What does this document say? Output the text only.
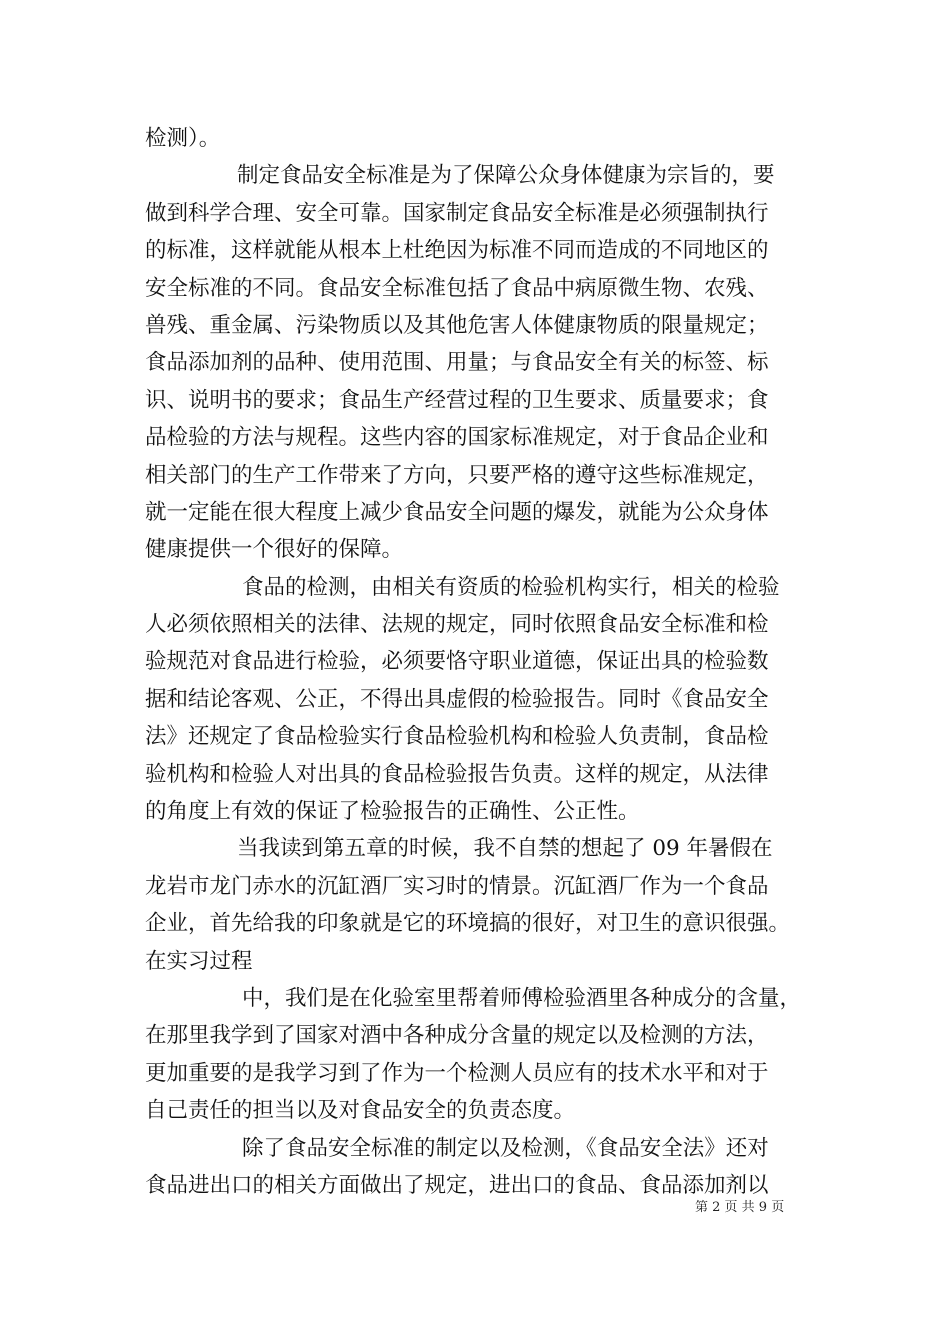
检测）。
制定食品安全标准是为了保障公众身体健康为宗旨的，要
做到科学合理、安全可靠。国家制定食品安全标准是必须强制执行
的标准，这样就能从根本上杜绝因为标准不同而造成的不同地区的
安全标准的不同。食品安全标准包括了食品中病原微生物、农残、
兽残、重金属、污染物质以及其他危害人体健康物质的限量规定；
食品添加剂的品种、使用范围、用量；与食品安全有关的标签、标
识、说明书的要求；食品生产经营过程的卫生要求、质量要求；食
品检验的方法与规程。这些内容的国家标准规定，对于食品企业和
相关部门的生产工作带来了方向，只要严格的遵守这些标准规定，
就一定能在很大程度上减少食品安全问题的爆发，就能为公众身体
健康提供一个很好的保障。
食品的检测，由相关有资质的检验机构实行，相关的检验
人必须依照相关的法律、法规的规定，同时依照食品安全标准和检
验规范对食品进行检验，必须要恪守职业道德，保证出具的检验数
据和结论客观、公正，不得出具虚假的检验报告。同时《食品安全
法》还规定了食品检验实行食品检验机构和检验人负责制，食品检
验机构和检验人对出具的食品检验报告负责。这样的规定，从法律
的角度上有效的保证了检验报告的正确性、公正性。
当我读到第五章的时候，我不自禁的想起了 09 年暑假在
龙岩市龙门赤水的沉缸酒厂实习时的情景。沉缸酒厂作为一个食品
企业，首先给我的印象就是它的环境搞的很好，对卫生的意识很强。
在实习过程
中，我们是在化验室里帮着师傅检验酒里各种成分的含量，
在那里我学到了国家对酒中各种成分含量的规定以及检测的方法，
更加重要的是我学习到了作为一个检测人员应有的技术水平和对于
自己责任的担当以及对食品安全的负责态度。
除了食品安全标准的制定以及检测，《食品安全法》还对
食品进出口的相关方面做出了规定，进出口的食品、食品添加剂以
第 2 页 共 9 页
